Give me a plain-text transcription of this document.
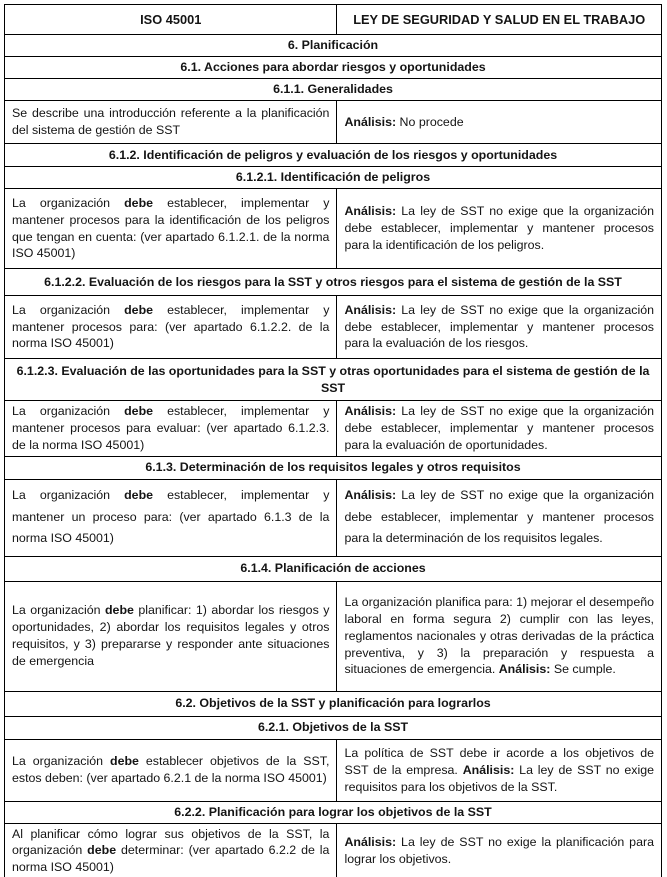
ISO 45001	LEY DE SEGURIDAD Y SALUD EN EL TRABAJO
6. Planificación	
6.1. Acciones para abordar riesgos y oportunidades	
6.1.1. Generalidades	
Se describe una introducción referente a la planificación del sistema de gestión de SST	Análisis: No procede
6.1.2. Identificación de peligros y evaluación de los riesgos y oportunidades	
6.1.2.1. Identificación de peligros	
La organización debe establecer, implementar y mantener procesos para la identificación de los peligros que tengan en cuenta: (ver apartado 6.1.2.1. de la norma ISO 45001)	Análisis: La ley de SST no exige que la organización debe establecer, implementar y mantener procesos para la identificación de los peligros.
6.1.2.2. Evaluación de los riesgos para la SST y otros riesgos para el sistema de gestión de la SST	
La organización debe establecer, implementar y mantener procesos para: (ver apartado 6.1.2.2. de la norma ISO 45001)	Análisis: La ley de SST no exige que la organización debe establecer, implementar y mantener procesos para la evaluación de los riesgos.
6.1.2.3. Evaluación de las oportunidades para la SST y otras oportunidades para el sistema de gestión de la SST	
La organización debe establecer, implementar y mantener procesos para evaluar: (ver apartado 6.1.2.3. de la norma ISO 45001)	Análisis: La ley de SST no exige que la organización debe establecer, implementar y mantener procesos para la evaluación de oportunidades.
6.1.3. Determinación de los requisitos legales y otros requisitos	
La organización debe establecer, implementar y mantener un proceso para: (ver apartado 6.1.3 de la norma ISO 45001)	Análisis: La ley de SST no exige que la organización debe establecer, implementar y mantener procesos para la determinación de los requisitos legales.
6.1.4. Planificación de acciones	
La organización debe planificar: 1) abordar los riesgos y oportunidades, 2) abordar los requisitos legales y otros requisitos, y 3) prepararse y responder ante situaciones de emergencia	La organización planifica para: 1) mejorar el desempeño laboral en forma segura 2) cumplir con las leyes, reglamentos nacionales y otras derivadas de la práctica preventiva, y 3) la preparación y respuesta a situaciones de emergencia. Análisis: Se cumple.
6.2. Objetivos de la SST y planificación para lograrlos	
6.2.1. Objetivos de la SST	
La organización debe establecer objetivos de la SST, estos deben: (ver apartado 6.2.1 de la norma ISO 45001)	La política de SST debe ir acorde a los objetivos de SST de la empresa. Análisis: La ley de SST no exige requisitos para los objetivos de la SST.
6.2.2. Planificación para lograr los objetivos de la SST	
Al planificar cómo lograr sus objetivos de la SST, la organización debe determinar: (ver apartado 6.2.2 de la norma ISO 45001)	Análisis: La ley de SST no exige la planificación para lograr los objetivos.
